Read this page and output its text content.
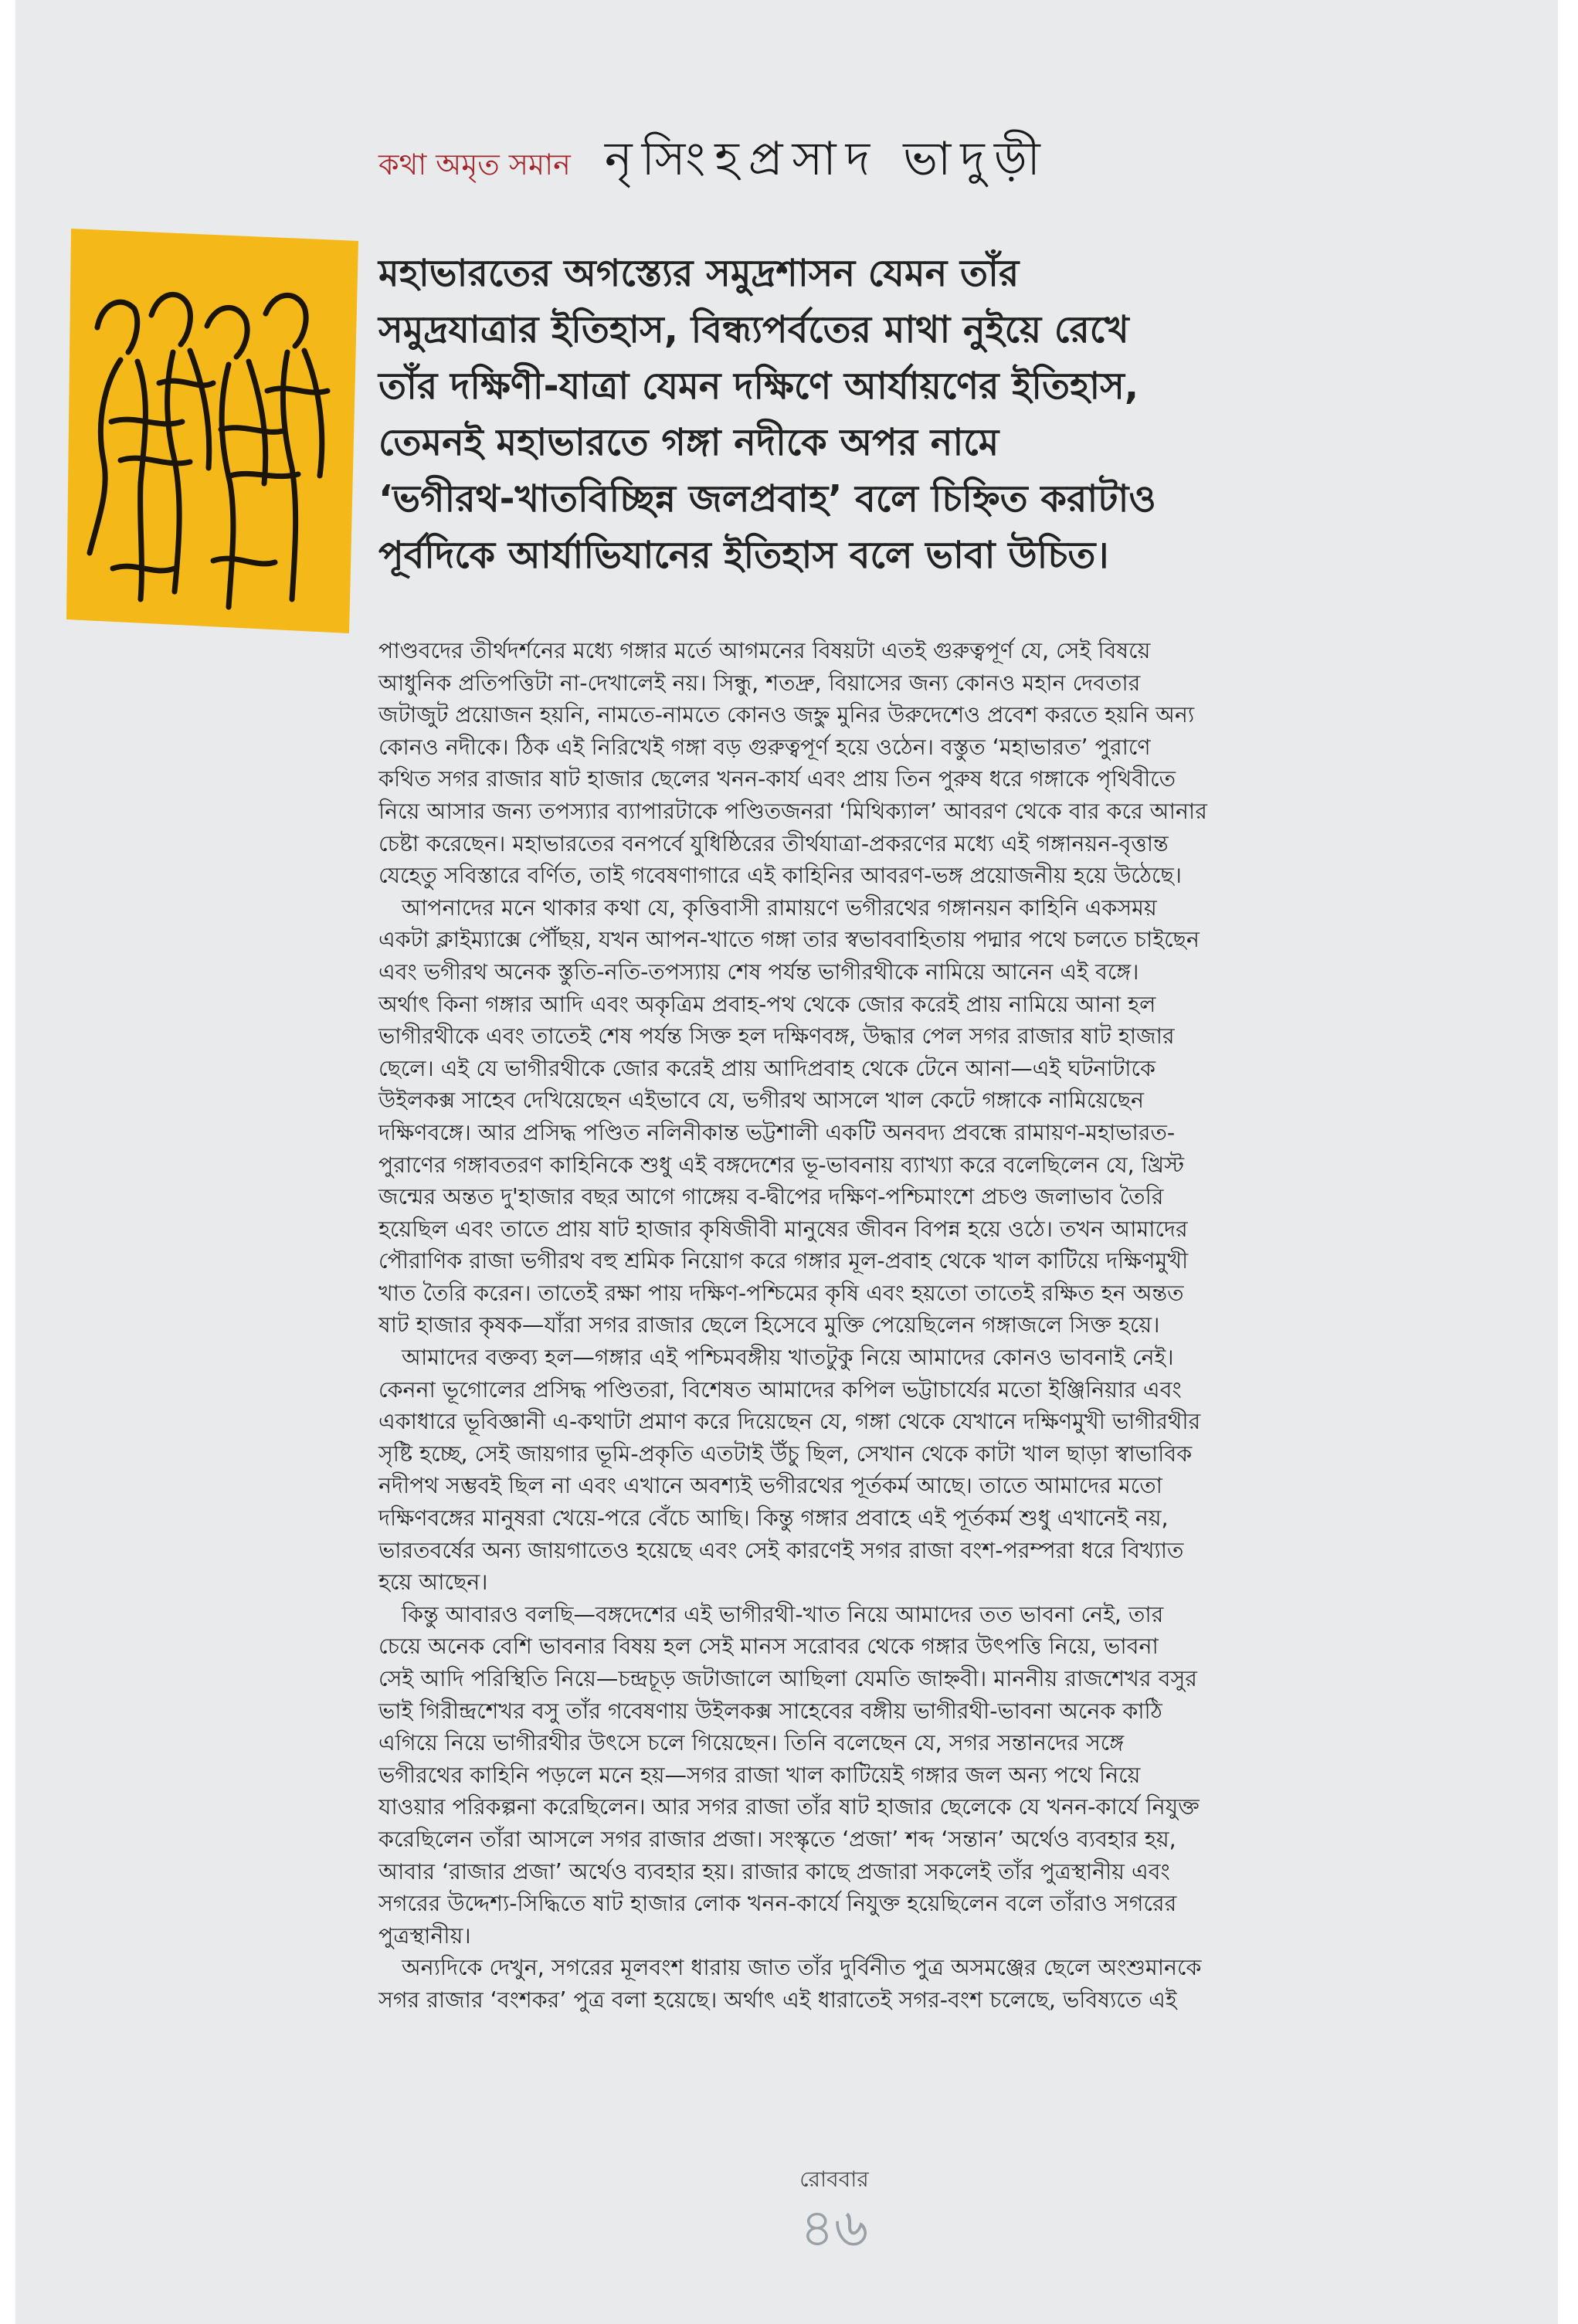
কথা অমৃত সমান নৃসিংহপ্রসাদ ভাদুড়ী
মহাভারতের অগস্ত্যের সমুদ্রশাসন যেমন তাঁর
সমুদ্রযাত্রার ইতিহাস, বিন্ধ্যপর্বতের মাথা নুইয়ে রেখে
তাঁর দক্ষিণী-যাত্রা যেমন দক্ষিণে আর্যায়ণের ইতিহাস,
তেমনই মহাভারতে গঙ্গা নদীকে অপর নামে
‘ভগীরথ-খাতবিচ্ছিন্ন জলপ্রবাহ’ বলে চিহ্নিত করাটাও
পূর্বদিকে আর্যাভিযানের ইতিহাস বলে ভাবা উচিত।
পাণ্ডবদের তীর্থদর্শনের মধ্যে গঙ্গার মর্তে আগমনের বিষয়টা এতই গুরুত্বপূর্ণ যে, সেই বিষয়ে
আধুনিক প্রতিপত্তিটা না-দেখালেই নয়। সিন্ধু, শতদ্রু, বিয়াসের জন্য কোনও মহান দেবতার
জটাজুট প্রয়োজন হয়নি, নামতে-নামতে কোনও জহ্নু মুনির উরুদেশেও প্রবেশ করতে হয়নি অন্য
কোনও নদীকে। ঠিক এই নিরিখেই গঙ্গা বড় গুরুত্বপূর্ণ হয়ে ওঠেন। বস্তুত ‘মহাভারত’ পুরাণে
কথিত সগর রাজার ষাট হাজার ছেলের খনন-কার্য এবং প্রায় তিন পুরুষ ধরে গঙ্গাকে পৃথিবীতে
নিয়ে আসার জন্য তপস্যার ব্যাপারটাকে পণ্ডিতজনরা ‘মিথিক্যাল’ আবরণ থেকে বার করে আনার
চেষ্টা করেছেন। মহাভারতের বনপর্বে যুধিষ্ঠিরের তীর্থযাত্রা-প্রকরণের মধ্যে এই গঙ্গানয়ন-বৃত্তান্ত
যেহেতু সবিস্তারে বর্ণিত, তাই গবেষণাগারে এই কাহিনির আবরণ-ভঙ্গ প্রয়োজনীয় হয়ে উঠেছে।
আপনাদের মনে থাকার কথা যে, কৃত্তিবাসী রামায়ণে ভগীরথের গঙ্গানয়ন কাহিনি একসময়
একটা ক্লাইম্যাক্সে পৌঁছয়, যখন আপন-খাতে গঙ্গা তার স্বভাববাহিতায় পদ্মার পথে চলতে চাইছেন
এবং ভগীরথ অনেক স্তুতি-নতি-তপস্যায় শেষ পর্যন্ত ভাগীরথীকে নামিয়ে আনেন এই বঙ্গে।
অর্থাৎ কিনা গঙ্গার আদি এবং অকৃত্রিম প্রবাহ-পথ থেকে জোর করেই প্রায় নামিয়ে আনা হল
ভাগীরথীকে এবং তাতেই শেষ পর্যন্ত সিক্ত হল দক্ষিণবঙ্গ, উদ্ধার পেল সগর রাজার ষাট হাজার
ছেলে। এই যে ভাগীরথীকে জোর করেই প্রায় আদিপ্রবাহ থেকে টেনে আনা—এই ঘটনাটাকে
উইলকক্স সাহেব দেখিয়েছেন এইভাবে যে, ভগীরথ আসলে খাল কেটে গঙ্গাকে নামিয়েছেন
দক্ষিণবঙ্গে। আর প্রসিদ্ধ পণ্ডিত নলিনীকান্ত ভট্টশালী একটি অনবদ্য প্রবন্ধে রামায়ণ-মহাভারত-
পুরাণের গঙ্গাবতরণ কাহিনিকে শুধু এই বঙ্গদেশের ভূ-ভাবনায় ব্যাখ্যা করে বলেছিলেন যে, খ্রিস্ট
জন্মের অন্তত দু'হাজার বছর আগে গাঙ্গেয় ব-দ্বীপের দক্ষিণ-পশ্চিমাংশে প্রচণ্ড জলাভাব তৈরি
হয়েছিল এবং তাতে প্রায় ষাট হাজার কৃষিজীবী মানুষের জীবন বিপন্ন হয়ে ওঠে। তখন আমাদের
পৌরাণিক রাজা ভগীরথ বহু শ্রমিক নিয়োগ করে গঙ্গার মূল-প্রবাহ থেকে খাল কাটিয়ে দক্ষিণমুখী
খাত তৈরি করেন। তাতেই রক্ষা পায় দক্ষিণ-পশ্চিমের কৃষি এবং হয়তো তাতেই রক্ষিত হন অন্তত
ষাট হাজার কৃষক—যাঁরা সগর রাজার ছেলে হিসেবে মুক্তি পেয়েছিলেন গঙ্গাজলে সিক্ত হয়ে।
আমাদের বক্তব্য হল—গঙ্গার এই পশ্চিমবঙ্গীয় খাতটুকু নিয়ে আমাদের কোনও ভাবনাই নেই।
কেননা ভূগোলের প্রসিদ্ধ পণ্ডিতরা, বিশেষত আমাদের কপিল ভট্টাচার্যের মতো ইঞ্জিনিয়ার এবং
একাধারে ভূবিজ্ঞানী এ-কথাটা প্রমাণ করে দিয়েছেন যে, গঙ্গা থেকে যেখানে দক্ষিণমুখী ভাগীরথীর
সৃষ্টি হচ্ছে, সেই জায়গার ভূমি-প্রকৃতি এতটাই উঁচু ছিল, সেখান থেকে কাটা খাল ছাড়া স্বাভাবিক
নদীপথ সম্ভবই ছিল না এবং এখানে অবশ্যই ভগীরথের পূর্তকর্ম আছে। তাতে আমাদের মতো
দক্ষিণবঙ্গের মানুষরা খেয়ে-পরে বেঁচে আছি। কিন্তু গঙ্গার প্রবাহে এই পূর্তকর্ম শুধু এখানেই নয়,
ভারতবর্ষের অন্য জায়গাতেও হয়েছে এবং সেই কারণেই সগর রাজা বংশ-পরম্পরা ধরে বিখ্যাত
হয়ে আছেন।
কিন্তু আবারও বলছি—বঙ্গদেশের এই ভাগীরথী-খাত নিয়ে আমাদের তত ভাবনা নেই, তার
চেয়ে অনেক বেশি ভাবনার বিষয় হল সেই মানস সরোবর থেকে গঙ্গার উৎপত্তি নিয়ে, ভাবনা
সেই আদি পরিস্থিতি নিয়ে—চন্দ্রচূড় জটাজালে আছিলা যেমতি জাহ্নবী। মাননীয় রাজশেখর বসুর
ভাই গিরীন্দ্রশেখর বসু তাঁর গবেষণায় উইলকক্স সাহেবের বঙ্গীয় ভাগীরথী-ভাবনা অনেক কাঠি
এগিয়ে নিয়ে ভাগীরথীর উৎসে চলে গিয়েছেন। তিনি বলেছেন যে, সগর সন্তানদের সঙ্গে
ভগীরথের কাহিনি পড়লে মনে হয়—সগর রাজা খাল কাটিয়েই গঙ্গার জল অন্য পথে নিয়ে
যাওয়ার পরিকল্পনা করেছিলেন। আর সগর রাজা তাঁর ষাট হাজার ছেলেকে যে খনন-কার্যে নিযুক্ত
করেছিলেন তাঁরা আসলে সগর রাজার প্রজা। সংস্কৃতে ‘প্রজা’ শব্দ ‘সন্তান’ অর্থেও ব্যবহার হয়,
আবার ‘রাজার প্রজা’ অর্থেও ব্যবহার হয়। রাজার কাছে প্রজারা সকলেই তাঁর পুত্রস্থানীয় এবং
সগরের উদ্দেশ্য-সিদ্ধিতে ষাট হাজার লোক খনন-কার্যে নিযুক্ত হয়েছিলেন বলে তাঁরাও সগরের
পুত্রস্থানীয়।
অন্যদিকে দেখুন, সগরের মূলবংশ ধারায় জাত তাঁর দুর্বিনীত পুত্র অসমঞ্জের ছেলে অংশুমানকে
সগর রাজার ‘বংশকর’ পুত্র বলা হয়েছে। অর্থাৎ এই ধারাতেই সগর-বংশ চলেছে, ভবিষ্যতে এই
রোববার
৪৬
